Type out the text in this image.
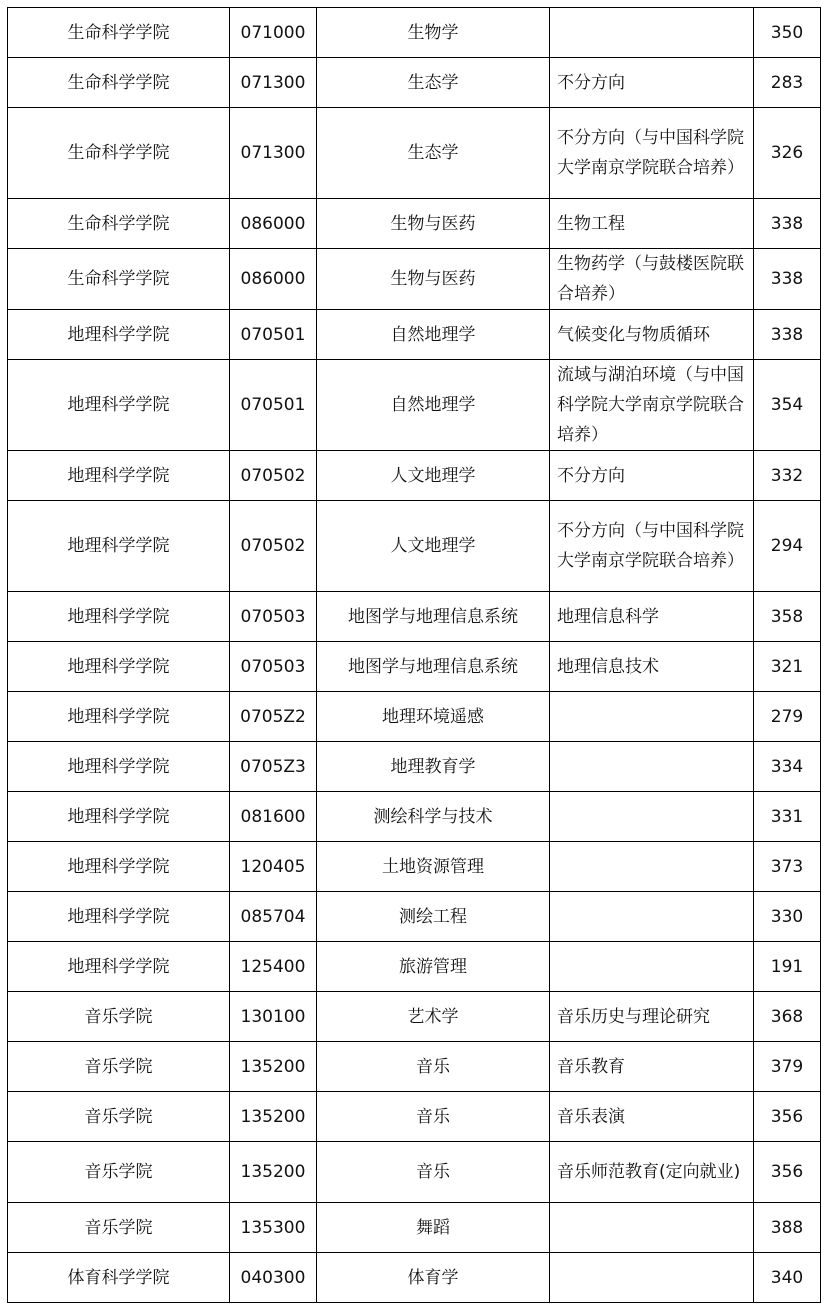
生命科学学院	071000	生物学		350
生命科学学院	071300	生态学	不分方向	283
生命科学学院	071300	生态学	不分方向（与中国科学院大学南京学院联合培养）	326
生命科学学院	086000	生物与医药	生物工程	338
生命科学学院	086000	生物与医药	生物药学（与鼓楼医院联合培养）	338
地理科学学院	070501	自然地理学	气候变化与物质循环	338
地理科学学院	070501	自然地理学	流域与湖泊环境（与中国科学院大学南京学院联合培养）	354
地理科学学院	070502	人文地理学	不分方向	332
地理科学学院	070502	人文地理学	不分方向（与中国科学院大学南京学院联合培养）	294
地理科学学院	070503	地图学与地理信息系统	地理信息科学	358
地理科学学院	070503	地图学与地理信息系统	地理信息技术	321
地理科学学院	0705Z2	地理环境遥感		279
地理科学学院	0705Z3	地理教育学		334
地理科学学院	081600	测绘科学与技术		331
地理科学学院	120405	土地资源管理		373
地理科学学院	085704	测绘工程		330
地理科学学院	125400	旅游管理		191
音乐学院	130100	艺术学	音乐历史与理论研究	368
音乐学院	135200	音乐	音乐教育	379
音乐学院	135200	音乐	音乐表演	356
音乐学院	135200	音乐	音乐师范教育(定向就业)	356
音乐学院	135300	舞蹈		388
体育科学学院	040300	体育学		340
